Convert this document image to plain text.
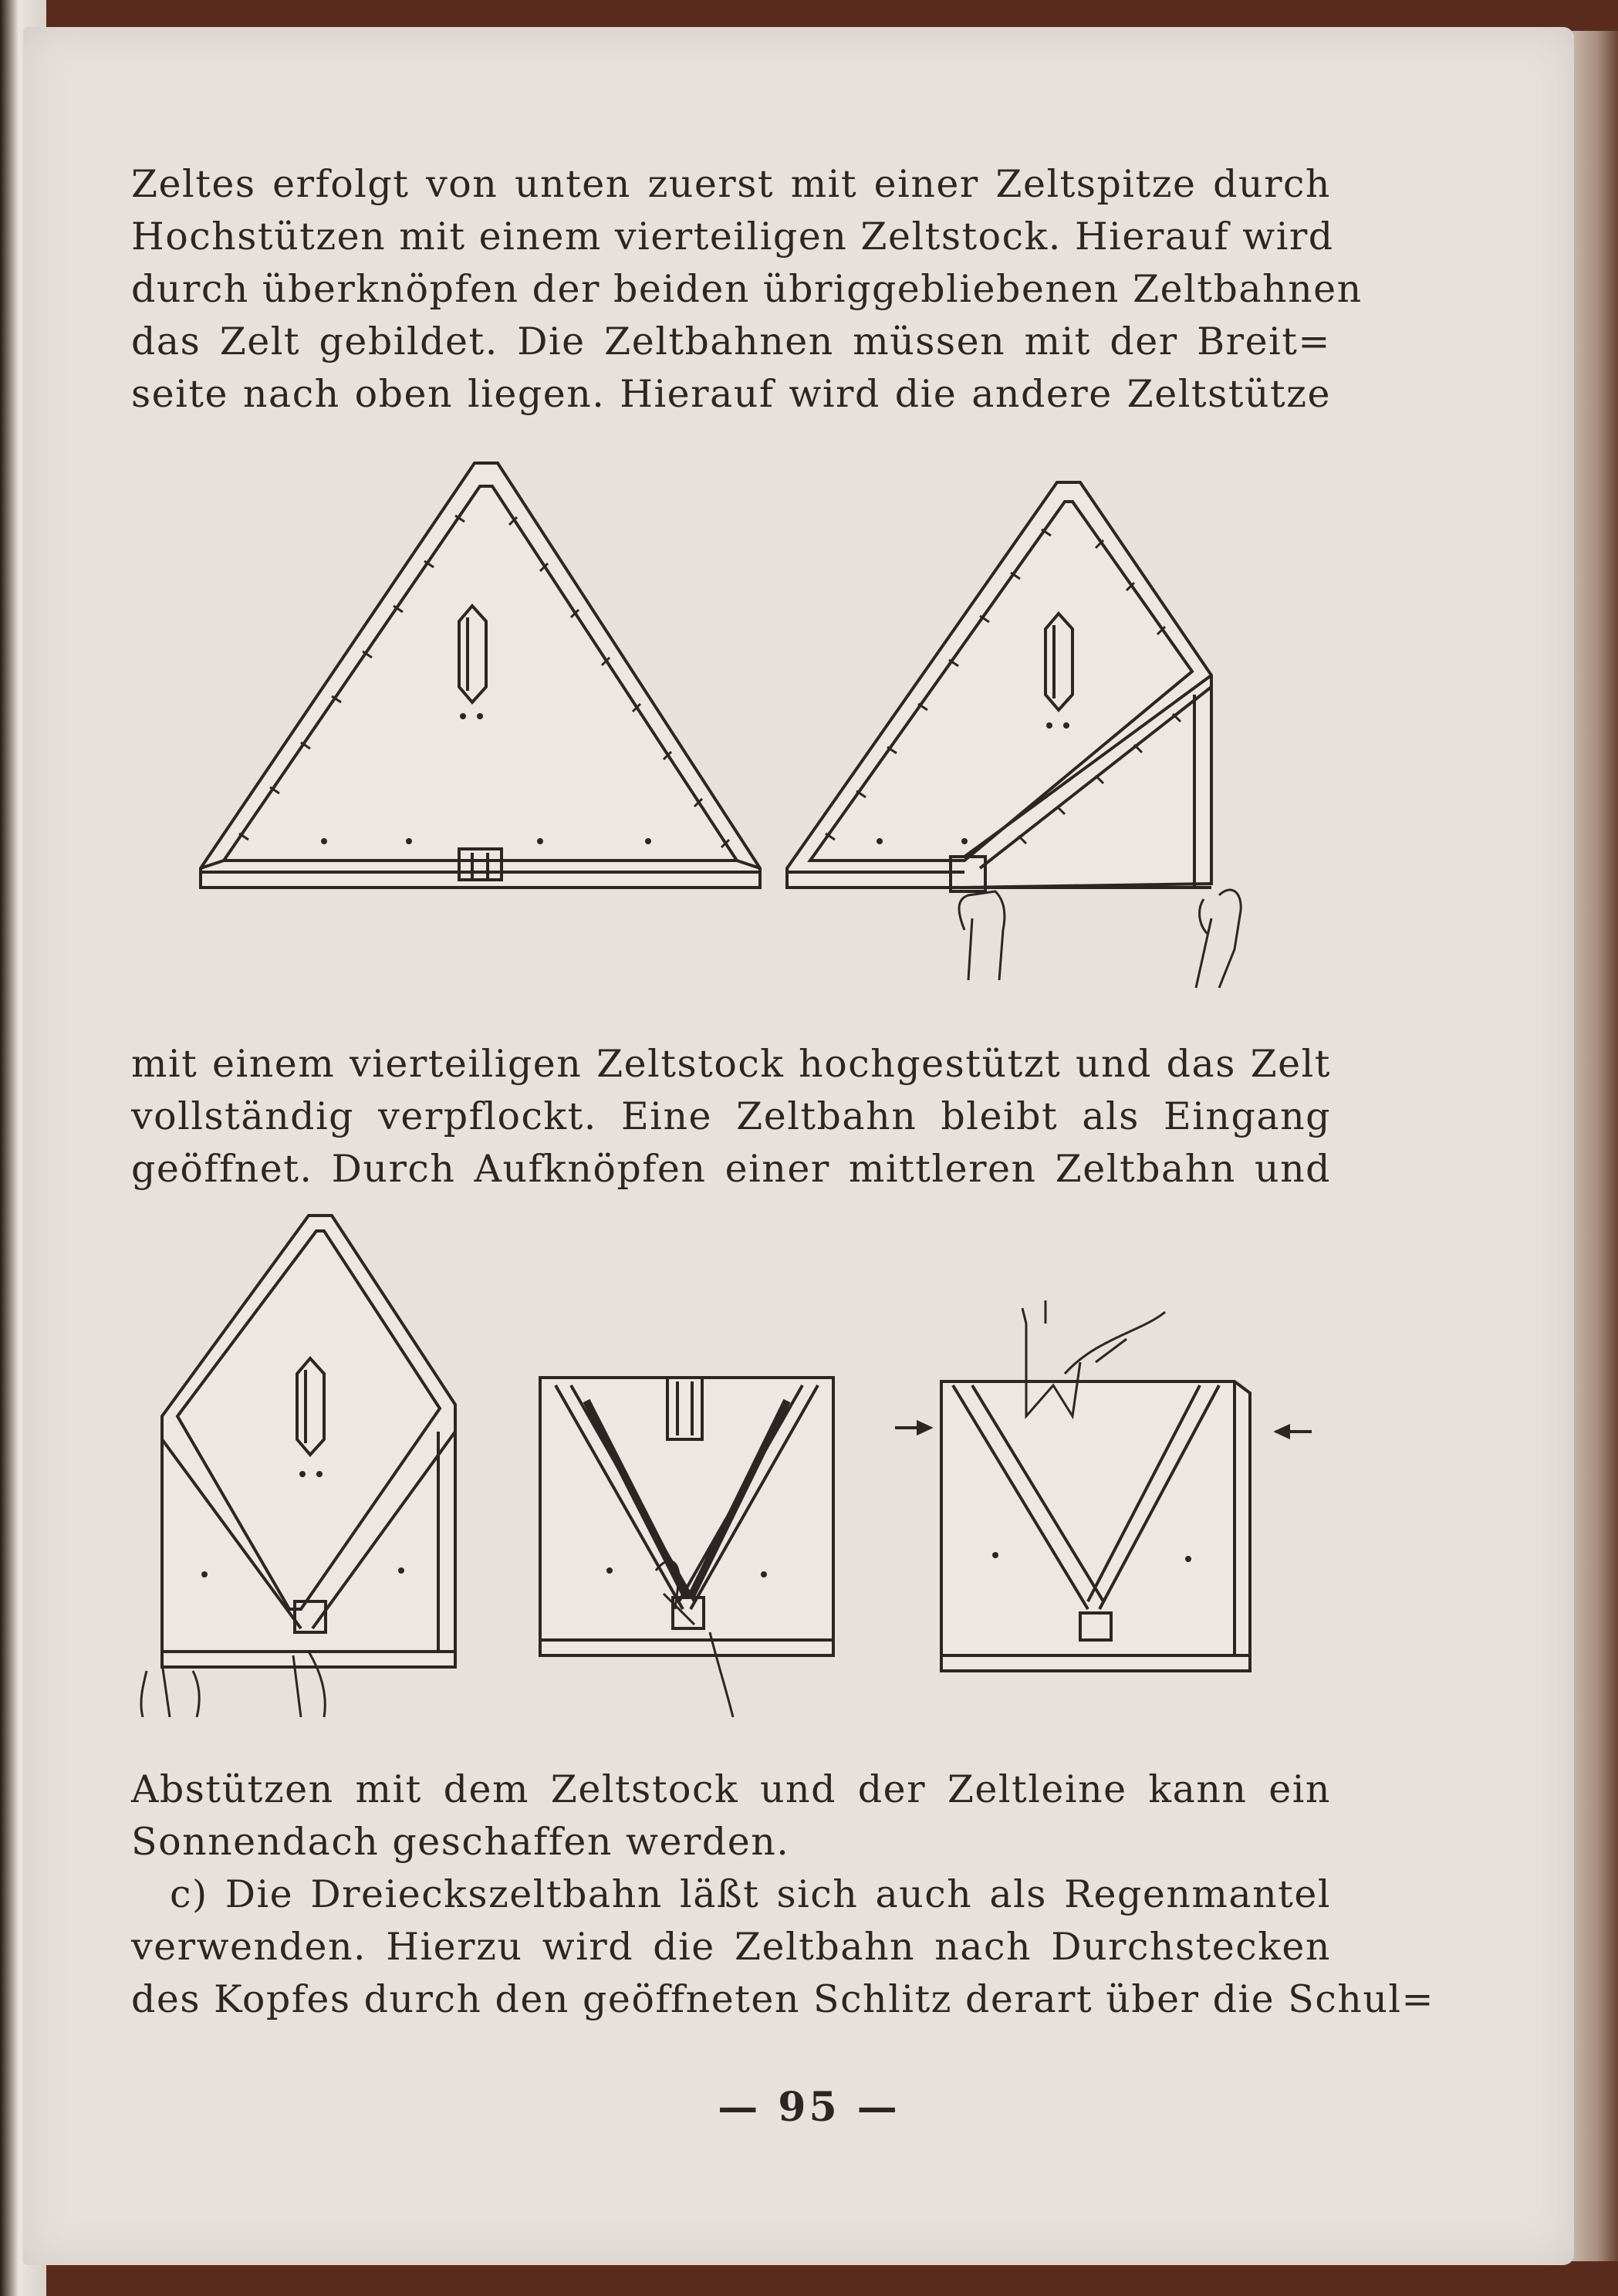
Zeltes erfolgt von unten zuerst mit einer Zeltspitze durch
Hochstützen mit einem vierteiligen Zeltstock. Hierauf wird
durch überknöpfen der beiden übriggebliebenen Zeltbahnen
das Zelt gebildet. Die Zeltbahnen müssen mit der Breit=
seite nach oben liegen. Hierauf wird die andere Zeltstütze
mit einem vierteiligen Zeltstock hochgestützt und das Zelt
vollständig verpflockt. Eine Zeltbahn bleibt als Eingang
geöffnet. Durch Aufknöpfen einer mittleren Zeltbahn und
Abstützen mit dem Zeltstock und der Zeltleine kann ein
Sonnendach geschaffen werden.
c) Die Dreieckszeltbahn läßt sich auch als Regenmantel
verwenden. Hierzu wird die Zeltbahn nach Durchstecken
des Kopfes durch den geöffneten Schlitz derart über die Schul=
— 95 —
